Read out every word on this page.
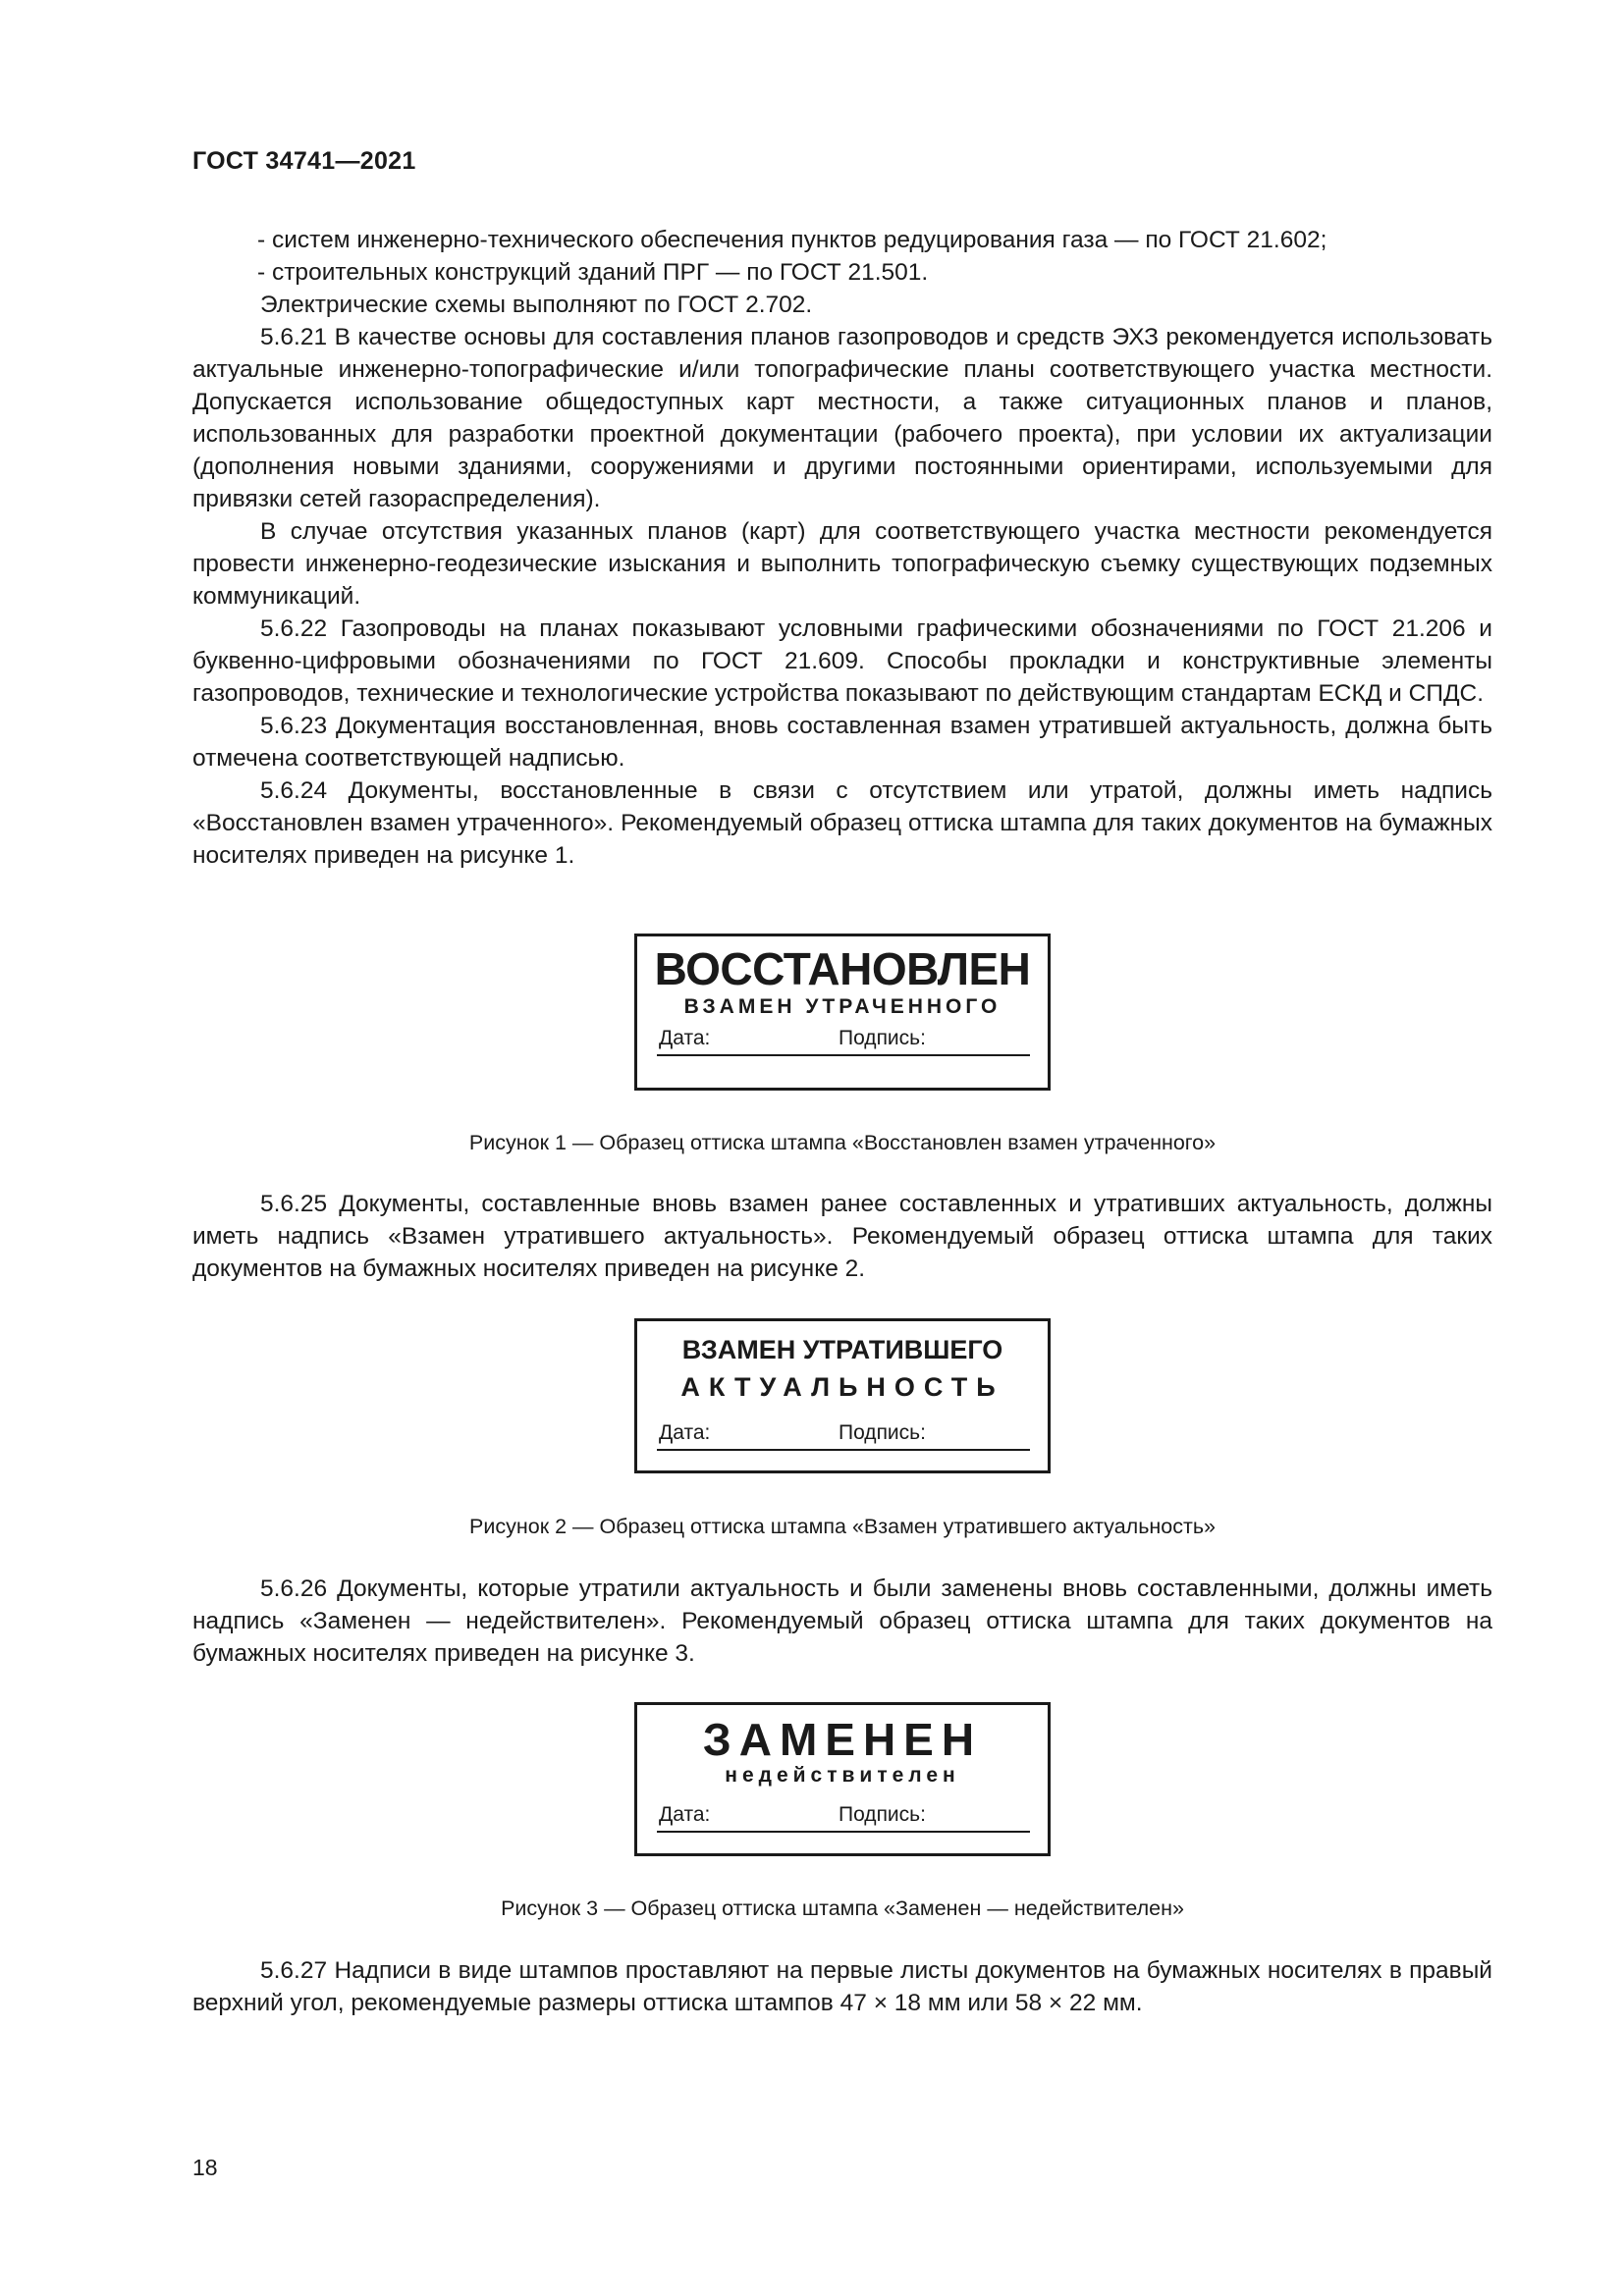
ГОСТ 34741—2021

- систем инженерно-технического обеспечения пунктов редуцирования газа — по ГОСТ 21.602;

- строительных конструкций зданий ПРГ — по ГОСТ 21.501.

Электрические схемы выполняют по ГОСТ 2.702.

5.6.21 В качестве основы для составления планов газопроводов и средств ЭХЗ рекомендуется использовать актуальные инженерно-топографические и/или топографические планы соответствующего участка местности. Допускается использование общедоступных карт местности, а также ситуационных планов и планов, использованных для разработки проектной документации (рабочего проекта), при условии их актуализации (дополнения новыми зданиями, сооружениями и другими постоянными ориентирами, используемыми для привязки сетей газораспределения).

В случае отсутствия указанных планов (карт) для соответствующего участка местности рекомендуется провести инженерно-геодезические изыскания и выполнить топографическую съемку существующих подземных коммуникаций.

5.6.22 Газопроводы на планах показывают условными графическими обозначениями по ГОСТ 21.206 и буквенно-цифровыми обозначениями по ГОСТ 21.609. Способы прокладки и конструктивные элементы газопроводов, технические и технологические устройства показывают по действующим стандартам ЕСКД и СПДС.

5.6.23 Документация восстановленная, вновь составленная взамен утратившей актуальность, должна быть отмечена соответствующей надписью.

5.6.24 Документы, восстановленные в связи с отсутствием или утратой, должны иметь надпись «Восстановлен взамен утраченного». Рекомендуемый образец оттиска штампа для таких документов на бумажных носителях приведен на рисунке 1.

ВОССТАНОВЛЕН
ВЗАМЕН УТРАЧЕННОГО
Дата:	Подпись:
Рисунок 1 — Образец оттиска штампа «Восстановлен взамен утраченного»

5.6.25 Документы, составленные вновь взамен ранее составленных и утративших актуальность, должны иметь надпись «Взамен утратившего актуальность». Рекомендуемый образец оттиска штампа для таких документов на бумажных носителях приведен на рисунке 2.

ВЗАМЕН УТРАТИВШЕГО
АКТУАЛЬНОСТЬ
Дата:	Подпись:
Рисунок 2 — Образец оттиска штампа «Взамен утратившего актуальность»

5.6.26 Документы, которые утратили актуальность и были заменены вновь составленными, должны иметь надпись «Заменен — недействителен». Рекомендуемый образец оттиска штампа для таких документов на бумажных носителях приведен на рисунке 3.

ЗАМЕНЕН
недействителен
Дата:	Подпись:
Рисунок 3 — Образец оттиска штампа «Заменен — недействителен»

5.6.27 Надписи в виде штампов проставляют на первые листы документов на бумажных носителях в правый верхний угол, рекомендуемые размеры оттиска штампов 47 × 18 мм или 58 × 22 мм.

18
